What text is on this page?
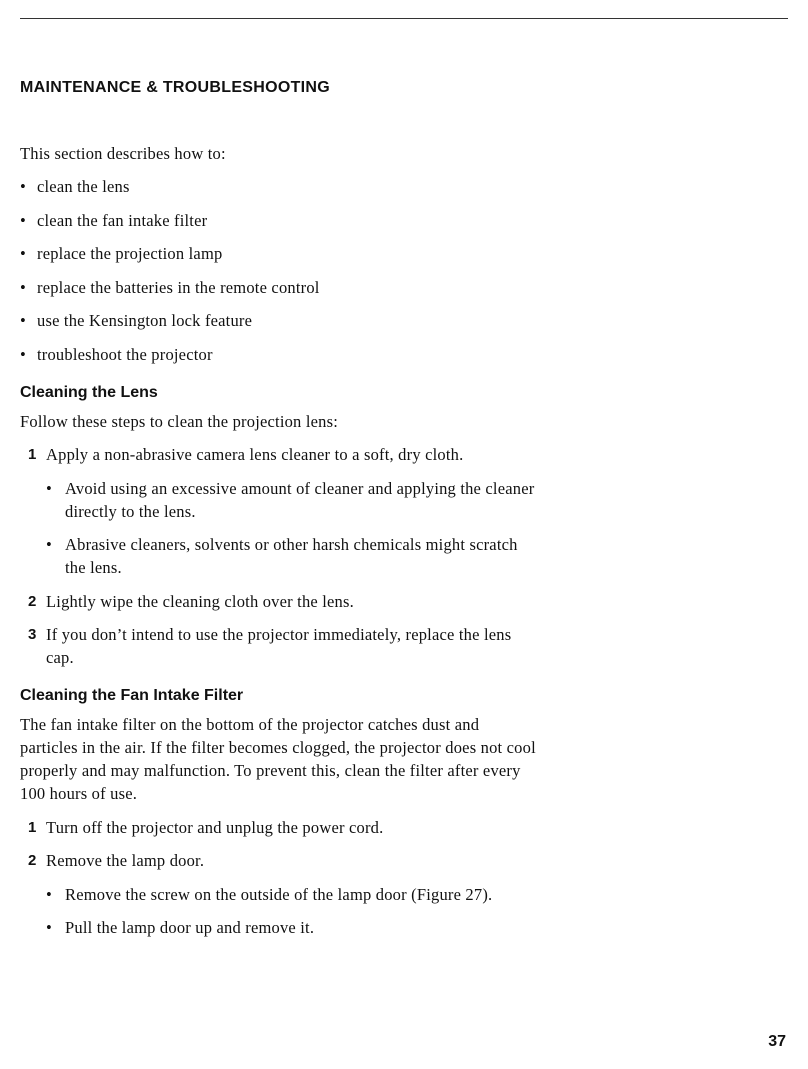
MAINTENANCE & TROUBLESHOOTING

This section describes how to:

• clean the lens
• clean the fan intake filter
• replace the projection lamp
• replace the batteries in the remote control
• use the Kensington lock feature
• troubleshoot the projector
Cleaning the Lens

Follow these steps to clean the projection lens:

1 Apply a non-abrasive camera lens cleaner to a soft, dry cloth.
• Avoid using an excessive amount of cleaner and applying the cleaner directly to the lens.
• Abrasive cleaners, solvents or other harsh chemicals might scratch the lens.
2 Lightly wipe the cleaning cloth over the lens.
3 If you don’t intend to use the projector immediately, replace the lens cap.
Cleaning the Fan Intake Filter

The fan intake filter on the bottom of the projector catches dust and particles in the air. If the filter becomes clogged, the projector does not cool properly and may malfunction. To prevent this, clean the filter after every 100 hours of use.

1 Turn off the projector and unplug the power cord.
2 Remove the lamp door.
• Remove the screw on the outside of the lamp door (Figure 27).
• Pull the lamp door up and remove it.
37
